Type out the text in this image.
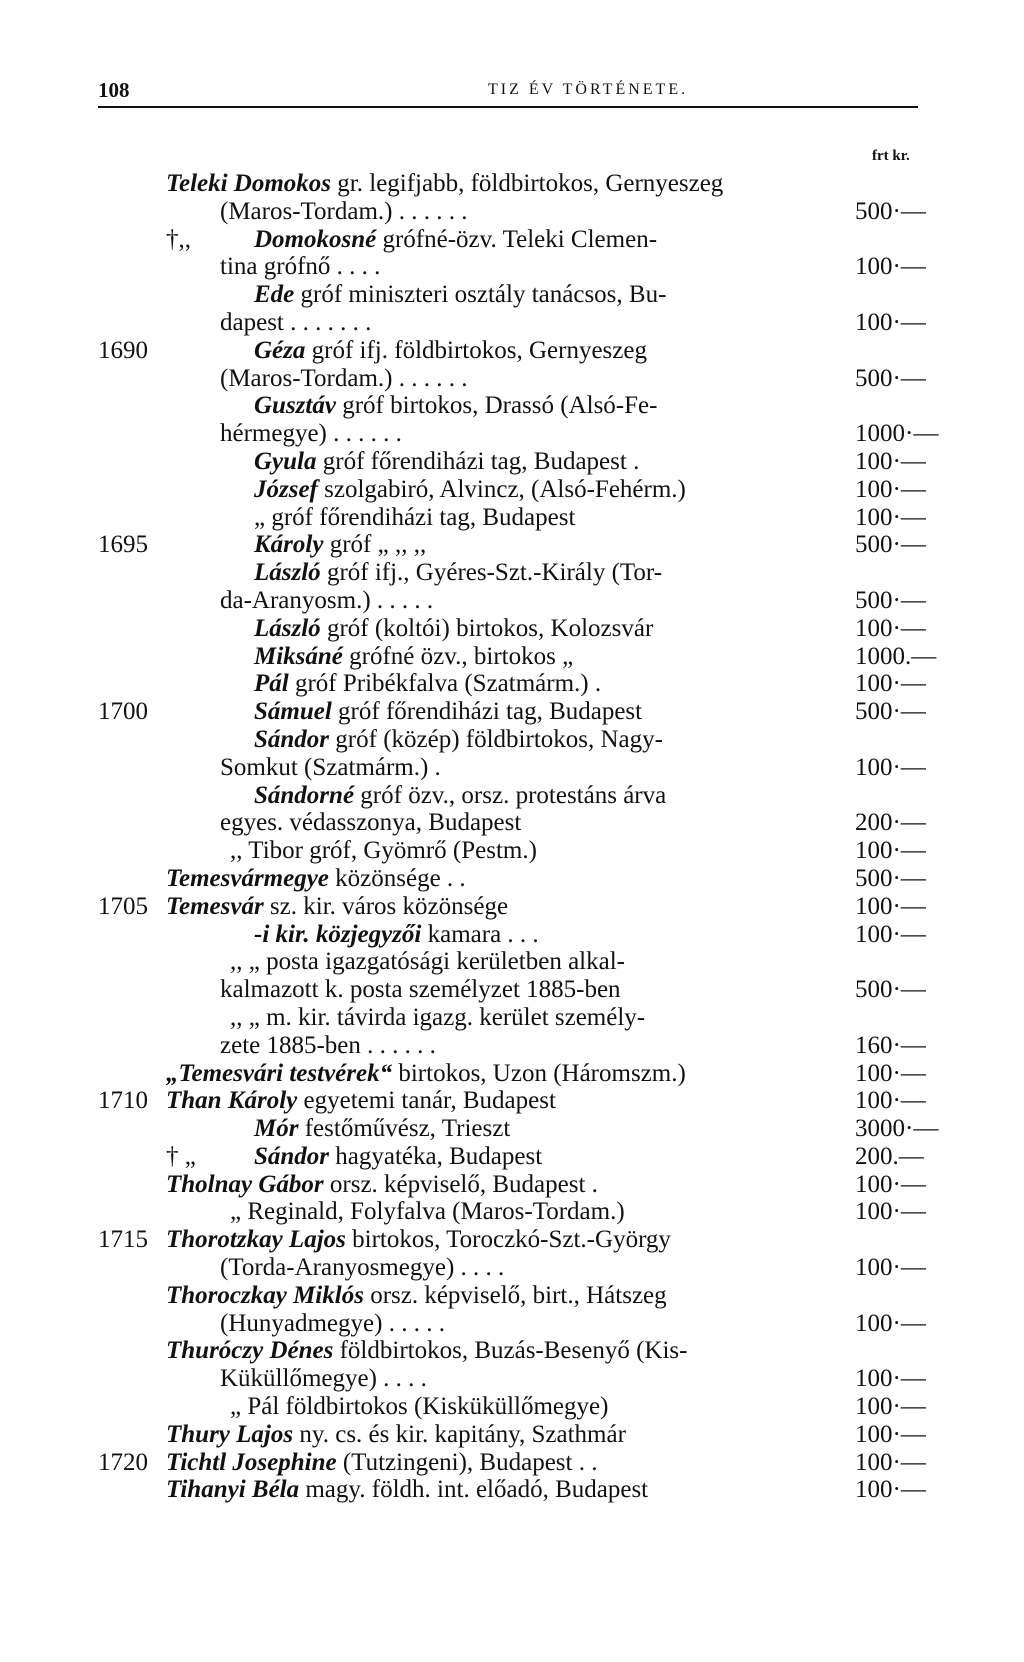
108	TIZ ÉV TÖRTÉNETE.
frt kr.
Teleki Domokos gr. legifjabb, földbirtokos, Gernyeszeg
(Maros-Tordam.) . . . . . .	500·—
†,,	Domokosné grófné-özv. Teleki Clemen-
tina grófnő . . . .	100·—
Ede gróf miniszteri osztály tanácsos, Bu-
dapest . . . . . . .	100·—
1690	Géza gróf ifj. földbirtokos, Gernyeszeg
(Maros-Tordam.) . . . . . .	500·—
Gusztáv gróf birtokos, Drassó (Alsó-Fe-
hérmegye) . . . . . .	1000·—
Gyula gróf főrendiházi tag, Budapest .	100·—
József szolgabiró, Alvincz, (Alsó-Fehérm.)	100·—
„ gróf főrendiházi tag, Budapest	100·—
1695	Károly gróf „ ,, ,,	500·—
László gróf ifj., Gyéres-Szt.-Király (Tor-
da-Aranyosm.) . . . . .	500·—
László gróf (koltói) birtokos, Kolozsvár	100·—
Miksáné grófné özv., birtokos „	1000.—
Pál gróf Pribékfalva (Szatmárm.) .	100·—
1700	Sámuel gróf főrendiházi tag, Budapest	500·—
Sándor gróf (közép) földbirtokos, Nagy-
Somkut (Szatmárm.) .	100·—
Sándorné gróf özv., orsz. protestáns árva
egyes. védasszonya, Budapest	200·—
,, Tibor gróf, Gyömrő (Pestm.)	100·—
Temesvármegye közönsége . .	500·—
1705 Temesvár sz. kir. város közönsége	100·—
-i kir. közjegyzői kamara . . .	100·—
,, „ posta igazgatósági kerületben alkal-
kalmazott k. posta személyzet 1885-ben	500·—
,, „ m. kir. távirda igazg. kerület személy-
zete 1885-ben . . . . . .	160·—
„Temesvári testvérek“ birtokos, Uzon (Háromszm.)	100·—
1710 Than Károly egyetemi tanár, Budapest	100·—
Mór festőművész, Trieszt	3000·—
† „ Sándor hagyatéka, Budapest	200.—
Tholnay Gábor orsz. képviselő, Budapest .	100·—
„ Reginald, Folyfalva (Maros-Tordam.)	100·—
1715 Thorotzkay Lajos birtokos, Toroczkó-Szt.-György
(Torda-Aranyosmegye) . . . .	100·—
Thoroczkay Miklós orsz. képviselő, birt., Hátszeg
(Hunyadmegye) . . . . .	100·—
Thuróczy Dénes földbirtokos, Buzás-Besenyő (Kis-
Küküllőmegye) . . . .	100·—
„ Pál földbirtokos (Kisküküllőmegye)	100·—
Thury Lajos ny. cs. és kir. kapitány, Szathmár	100·—
1720 Tichtl Josephine (Tutzingeni), Budapest . .	100·—
Tihanyi Béla magy. földh. int. előadó, Budapest	100·—
